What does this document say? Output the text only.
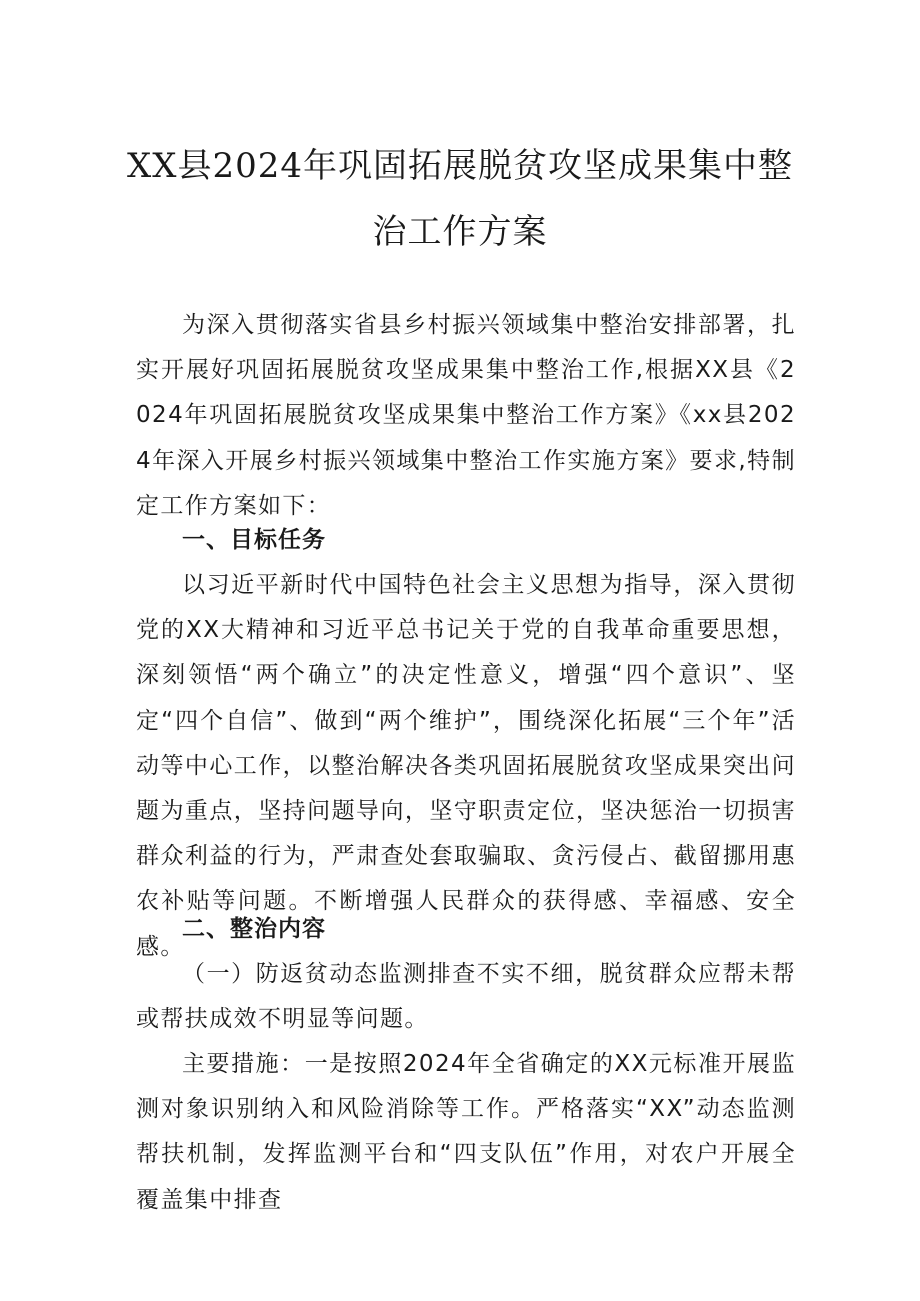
XX县2024年巩固拓展脱贫攻坚成果集中整
治工作方案

为深入贯彻落实省县乡村振兴领域集中整治安排部署，扎实开展好巩固拓展脱贫攻坚成果集中整治工作,根据XX县《2024年巩固拓展脱贫攻坚成果集中整治工作方案》《xx县2024年深入开展乡村振兴领域集中整治工作实施方案》要求,特制定工作方案如下：

一、目标任务

以习近平新时代中国特色社会主义思想为指导，深入贯彻党的XX大精神和习近平总书记关于党的自我革命重要思想，深刻领悟“两个确立”的决定性意义，增强“四个意识”、坚定“四个自信”、做到“两个维护”，围绕深化拓展“三个年”活动等中心工作，以整治解决各类巩固拓展脱贫攻坚成果突出问题为重点，坚持问题导向，坚守职责定位，坚决惩治一切损害群众利益的行为，严肃查处套取骗取、贪污侵占、截留挪用惠农补贴等问题。不断增强人民群众的获得感、幸福感、安全感。

二、整治内容

（一）防返贫动态监测排查不实不细，脱贫群众应帮未帮或帮扶成效不明显等问题。

主要措施：一是按照2024年全省确定的XX元标准开展监测对象识别纳入和风险消除等工作。严格落实“XX”动态监测帮扶机制，发挥监测平台和“四支队伍”作用，对农户开展全覆盖集中排查
